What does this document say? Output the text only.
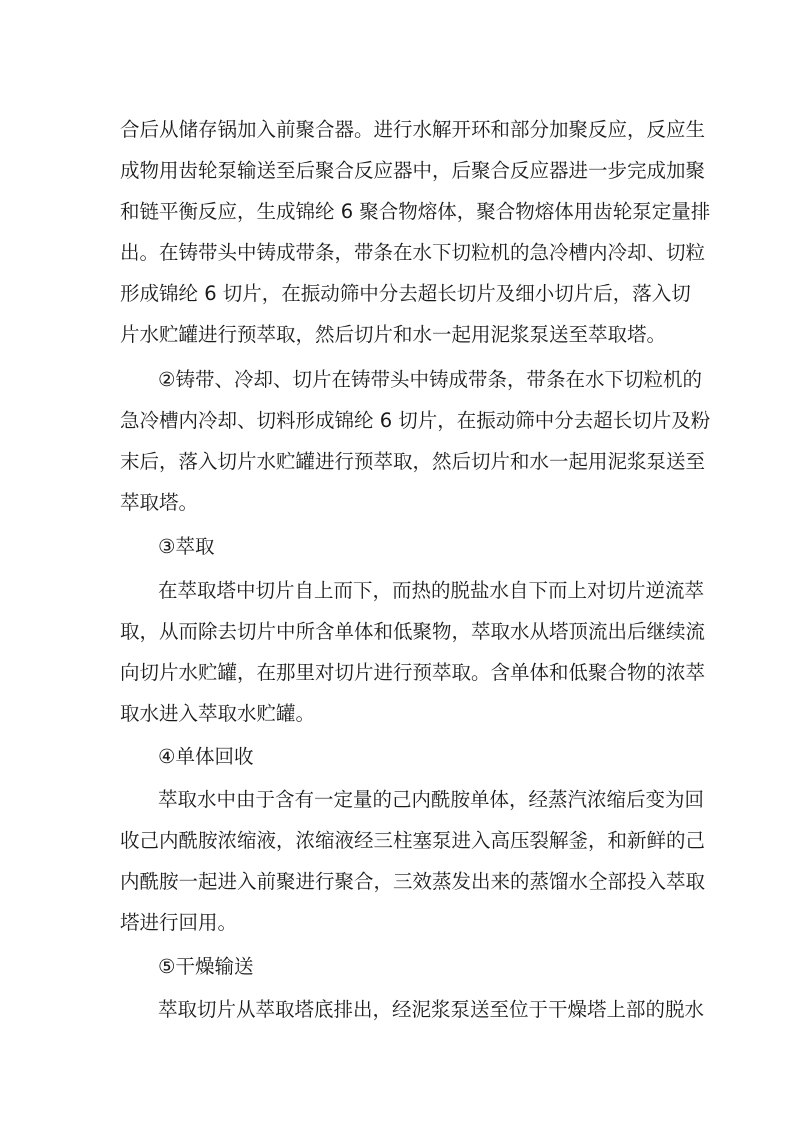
合后从储存锅加入前聚合器。进行水解开环和部分加聚反应，反应生
成物用齿轮泵输送至后聚合反应器中，后聚合反应器进一步完成加聚
和链平衡反应，生成锦纶 6 聚合物熔体，聚合物熔体用齿轮泵定量排
出。在铸带头中铸成带条，带条在水下切粒机的急冷槽内冷却、切粒
形成锦纶 6 切片，在振动筛中分去超长切片及细小切片后，落入切
片水贮罐进行预萃取，然后切片和水一起用泥浆泵送至萃取塔。
②铸带、冷却、切片在铸带头中铸成带条，带条在水下切粒机的
急冷槽内冷却、切料形成锦纶 6 切片，在振动筛中分去超长切片及粉
末后，落入切片水贮罐进行预萃取，然后切片和水一起用泥浆泵送至
萃取塔。
③萃取
在萃取塔中切片自上而下，而热的脱盐水自下而上对切片逆流萃
取，从而除去切片中所含单体和低聚物，萃取水从塔顶流出后继续流
向切片水贮罐，在那里对切片进行预萃取。含单体和低聚合物的浓萃
取水进入萃取水贮罐。
④单体回收
萃取水中由于含有一定量的己内酰胺单体，经蒸汽浓缩后变为回
收己内酰胺浓缩液，浓缩液经三柱塞泵进入高压裂解釜，和新鲜的己
内酰胺一起进入前聚进行聚合，三效蒸发出来的蒸馏水仝部投入萃取
塔进行回用。
⑤干燥输送
萃取切片从萃取塔底排出，经泥浆泵送至位于干燥塔上部的脱水
